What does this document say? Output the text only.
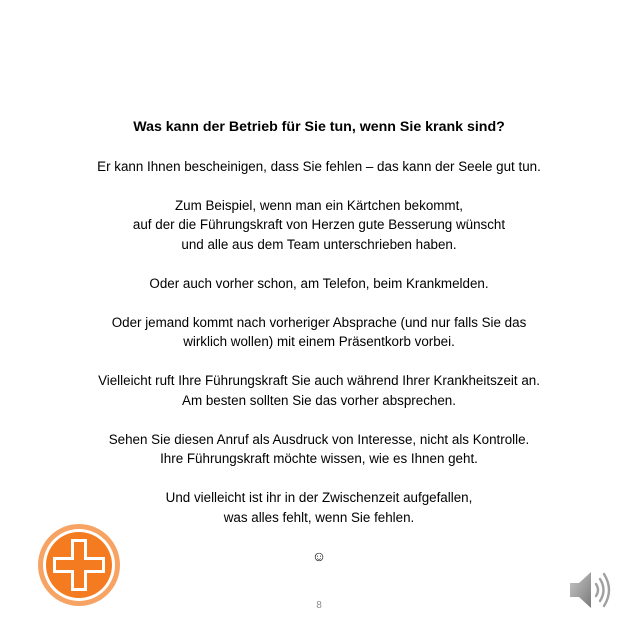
Was kann der Betrieb für Sie tun, wenn Sie krank sind?
Er kann Ihnen bescheinigen, dass Sie fehlen – das kann der Seele gut tun.
Zum Beispiel, wenn man ein Kärtchen bekommt,
auf der die Führungskraft von Herzen gute Besserung wünscht
und alle aus dem Team unterschrieben haben.
Oder auch vorher schon, am Telefon, beim Krankmelden.
Oder jemand kommt nach vorheriger Absprache (und nur falls Sie das
wirklich wollen) mit einem Präsentkorb vorbei.
Vielleicht ruft Ihre Führungskraft Sie auch während Ihrer Krankheitszeit an.
Am besten sollten Sie das vorher absprechen.
Sehen Sie diesen Anruf als Ausdruck von Interesse, nicht als Kontrolle.
Ihre Führungskraft möchte wissen, wie es Ihnen geht.
Und vielleicht ist ihr in der Zwischenzeit aufgefallen,
was alles fehlt, wenn Sie fehlen.
☺
8
